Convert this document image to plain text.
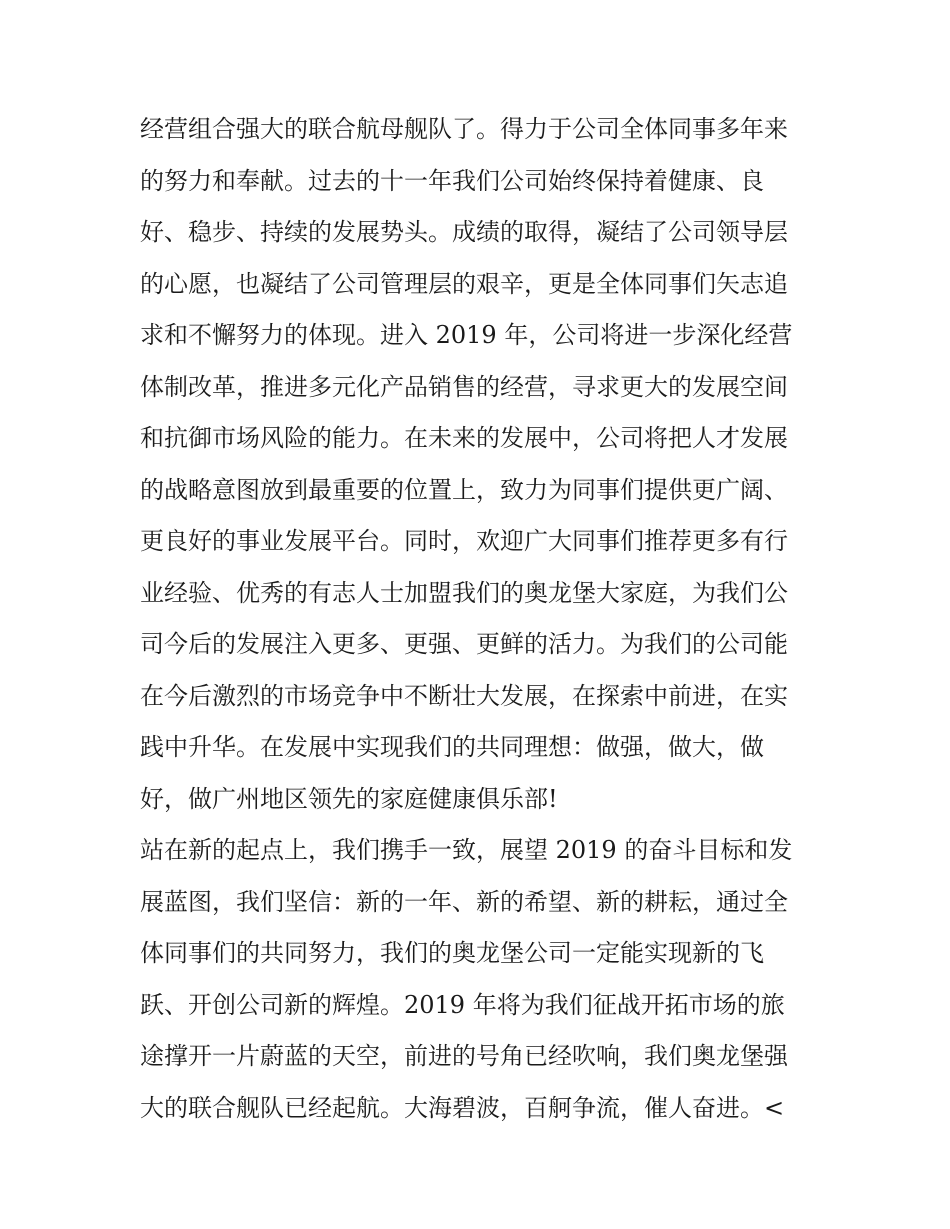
经营组合强大的联合航母舰队了。得力于公司全体同事多年来
的努力和奉献。过去的十一年我们公司始终保持着健康、良
好、稳步、持续的发展势头。成绩的取得，凝结了公司领导层
的心愿，也凝结了公司管理层的艰辛，更是全体同事们矢志追
求和不懈努力的体现。进入 2019 年，公司将进一步深化经营
体制改革，推进多元化产品销售的经营，寻求更大的发展空间
和抗御市场风险的能力。在未来的发展中，公司将把人才发展
的战略意图放到最重要的位置上，致力为同事们提供更广阔、
更良好的事业发展平台。同时，欢迎广大同事们推荐更多有行
业经验、优秀的有志人士加盟我们的奥龙堡大家庭，为我们公
司今后的发展注入更多、更强、更鲜的活力。为我们的公司能
在今后激烈的市场竞争中不断壮大发展，在探索中前进，在实
践中升华。在发展中实现我们的共同理想：做强，做大，做
好，做广州地区领先的家庭健康俱乐部!
站在新的起点上，我们携手一致，展望 2019 的奋斗目标和发
展蓝图，我们坚信：新的一年、新的希望、新的耕耘，通过全
体同事们的共同努力，我们的奥龙堡公司一定能实现新的飞
跃、开创公司新的辉煌。2019 年将为我们征战开拓市场的旅
途撑开一片蔚蓝的天空，前进的号角已经吹响，我们奥龙堡强
大的联合舰队已经起航。大海碧波，百舸争流，催人奋进。<
